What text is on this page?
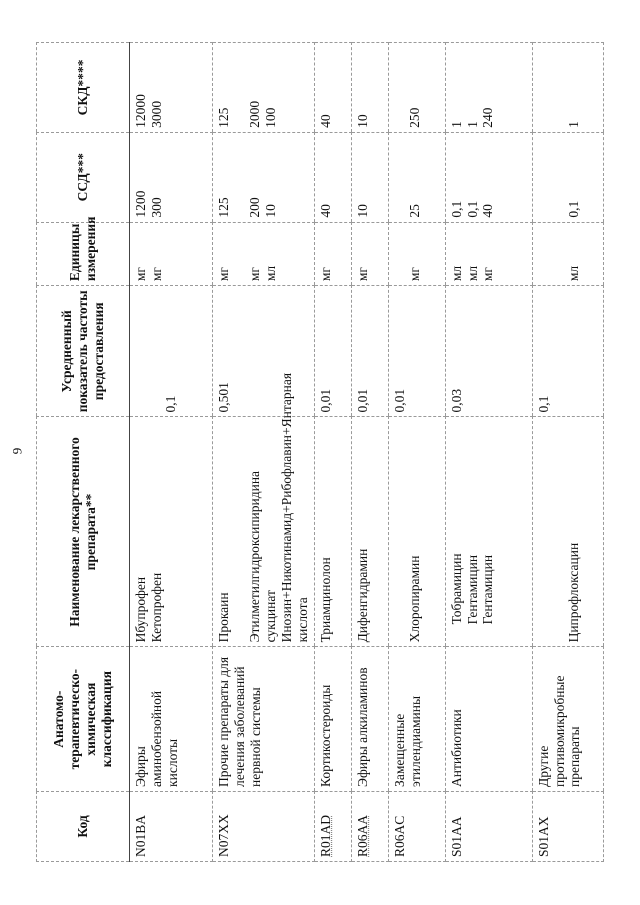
9
Код	Анатомо-терапевтическо-химическая классификация	Наименование лекарственного препарата**	Усредненный показатель частоты предоставления	Единицы измерения	ССД***	СКД****
N01BA	Эфиры аминобензойной кислоты	Ибупрофен Кетопрофен	0,1	мг мг	1200 300	12000 3000

N07XX	Прочие препараты для лечения заболеваний нервной системы	Прокаин Этилметилгидроксипиридина сукцинат Инозин+Никотинамид+Рибофлавин+Янтарная кислота	0,501	мг мг мл	125 200 10	125 2000 100

R01AD	Кортикостероиды	Триамцинолон	0,01	мг	40	40

R06AA	Эфиры алкиламинов	Дифенгидрамин	0,01	мг	10	10

R06AC	Замещенные этилендиамины	Хлоропирамин	0,01	мг	25	250

S01AA	Антибиотики	Тобрамицин Гентамицин Гентамицин	0,03	мл мл мг	0,1 0,1 40	1 1 240

S01AX	Другие противомикробные препараты	Ципрофлоксацин	0,1	мл	0,1	1
